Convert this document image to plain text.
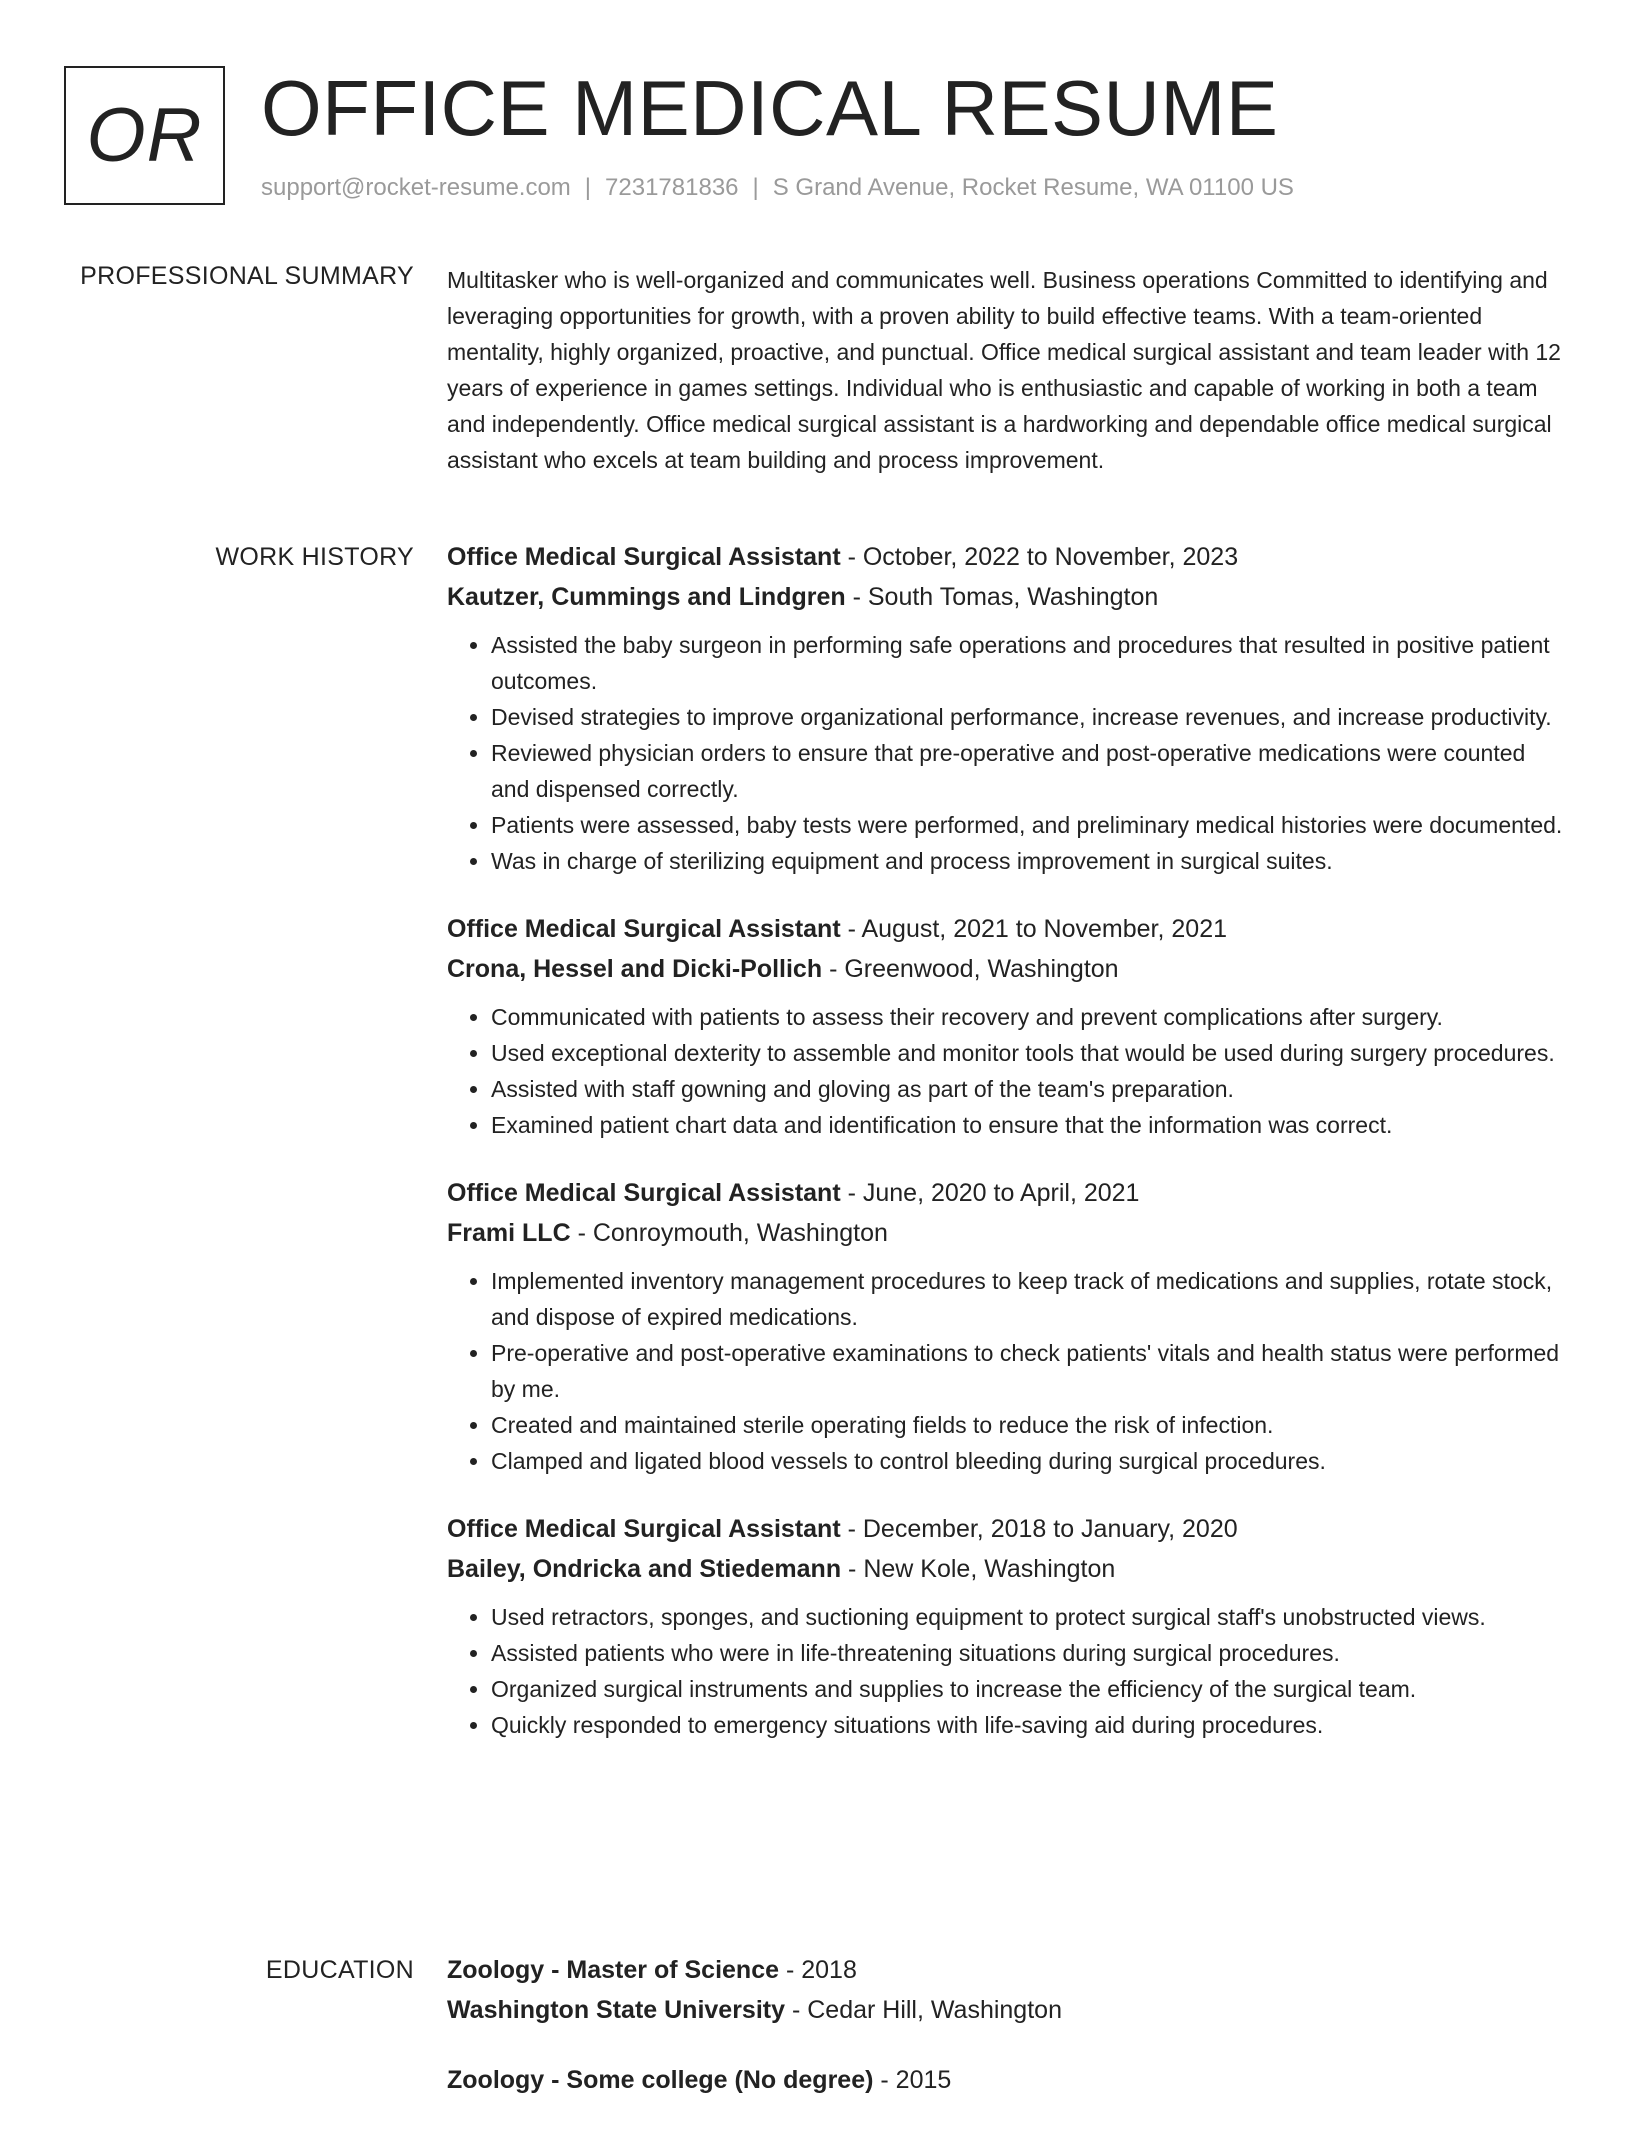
OR OFFICE MEDICAL RESUME
support@rocket-resume.com | 7231781836 | S Grand Avenue, Rocket Resume, WA 01100 US
PROFESSIONAL SUMMARY Multitasker who is well-organized and communicates well. Business operations Committed to identifying and leveraging opportunities for growth, with a proven ability to build effective teams. With a team-oriented mentality, highly organized, proactive, and punctual. Office medical surgical assistant and team leader with 12 years of experience in games settings. Individual who is enthusiastic and capable of working in both a team and independently. Office medical surgical assistant is a hardworking and dependable office medical surgical assistant who excels at team building and process improvement.

WORK HISTORY Office Medical Surgical Assistant - October, 2022 to November, 2023
Kautzer, Cummings and Lindgren - South Tomas, Washington
• Assisted the baby surgeon in performing safe operations and procedures that resulted in positive patient outcomes.
• Devised strategies to improve organizational performance, increase revenues, and increase productivity.
• Reviewed physician orders to ensure that pre-operative and post-operative medications were counted and dispensed correctly.
• Patients were assessed, baby tests were performed, and preliminary medical histories were documented.
• Was in charge of sterilizing equipment and process improvement in surgical suites.
Office Medical Surgical Assistant - August, 2021 to November, 2021
Crona, Hessel and Dicki-Pollich - Greenwood, Washington
• Communicated with patients to assess their recovery and prevent complications after surgery.
• Used exceptional dexterity to assemble and monitor tools that would be used during surgery procedures.
• Assisted with staff gowning and gloving as part of the team's preparation.
• Examined patient chart data and identification to ensure that the information was correct.
Office Medical Surgical Assistant - June, 2020 to April, 2021
Frami LLC - Conroymouth, Washington
• Implemented inventory management procedures to keep track of medications and supplies, rotate stock, and dispose of expired medications.
• Pre-operative and post-operative examinations to check patients' vitals and health status were performed by me.
• Created and maintained sterile operating fields to reduce the risk of infection.
• Clamped and ligated blood vessels to control bleeding during surgical procedures.
Office Medical Surgical Assistant - December, 2018 to January, 2020
Bailey, Ondricka and Stiedemann - New Kole, Washington
• Used retractors, sponges, and suctioning equipment to protect surgical staff's unobstructed views.
• Assisted patients who were in life-threatening situations during surgical procedures.
• Organized surgical instruments and supplies to increase the efficiency of the surgical team.
• Quickly responded to emergency situations with life-saving aid during procedures.
EDUCATION Zoology - Master of Science - 2018
Washington State University - Cedar Hill, Washington
Zoology - Some college (No degree) - 2015
